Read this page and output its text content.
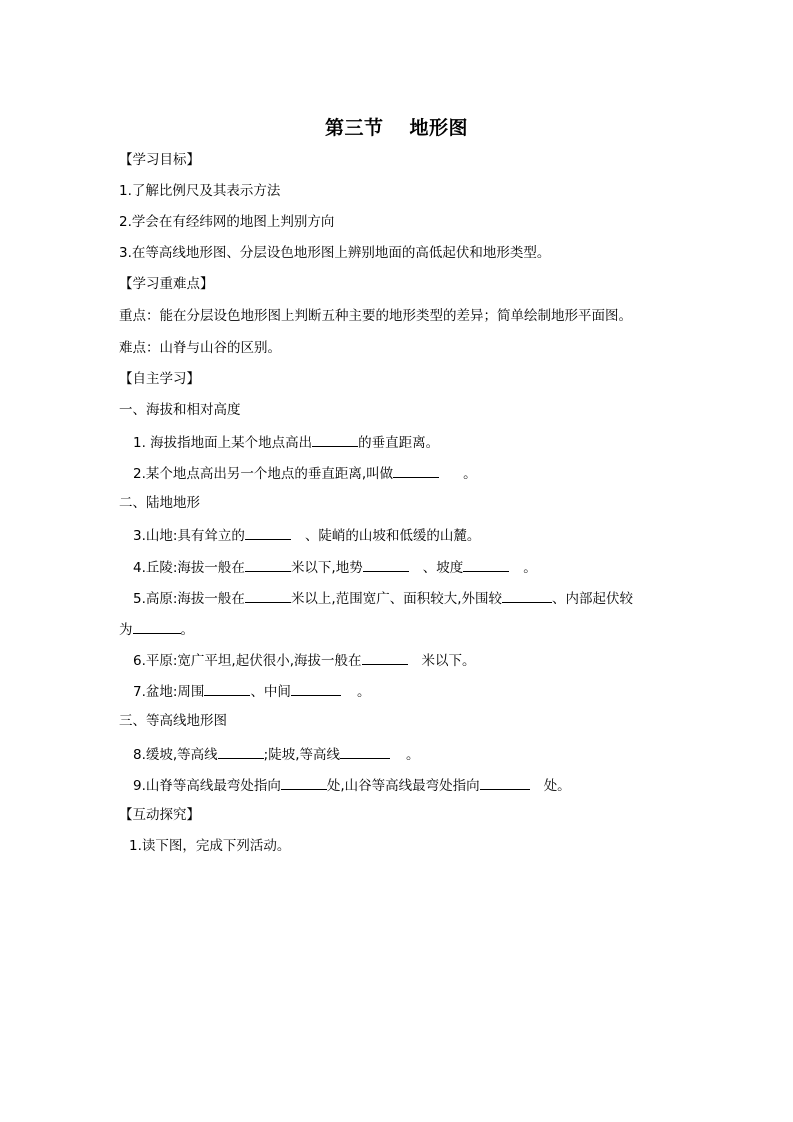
第三节 地形图
【学习目标】
1.了解比例尺及其表示方法
2.学会在有经纬网的地图上判别方向
3.在等高线地形图、分层设色地形图上辨别地面的高低起伏和地形类型。
【学习重难点】
重点：能在分层设色地形图上判断五种主要的地形类型的差异；简单绘制地形平面图。
难点：山脊与山谷的区别。
【自主学习】
一、海拔和相对高度
1. 海拔指地面上某个地点高出	的垂直距离。
2.某个地点高出另一个地点的垂直距离,叫做	。
二、陆地地形
3.山地:具有耸立的	、陡峭的山坡和低缓的山麓。
4.丘陵:海拔一般在	米以下,地势	、坡度	。
5.高原:海拔一般在	米以上,范围宽广、面积较大,外围较	、内部起伏较
为	。
6.平原:宽广平坦,起伏很小,海拔一般在	米以下。
7.盆地:周围	、中间	。
三、等高线地形图
8.缓坡,等高线	;陡坡,等高线	。
9.山脊等高线最弯处指向	处,山谷等高线最弯处指向	处。
【互动探究】
1.读下图，完成下列活动。
